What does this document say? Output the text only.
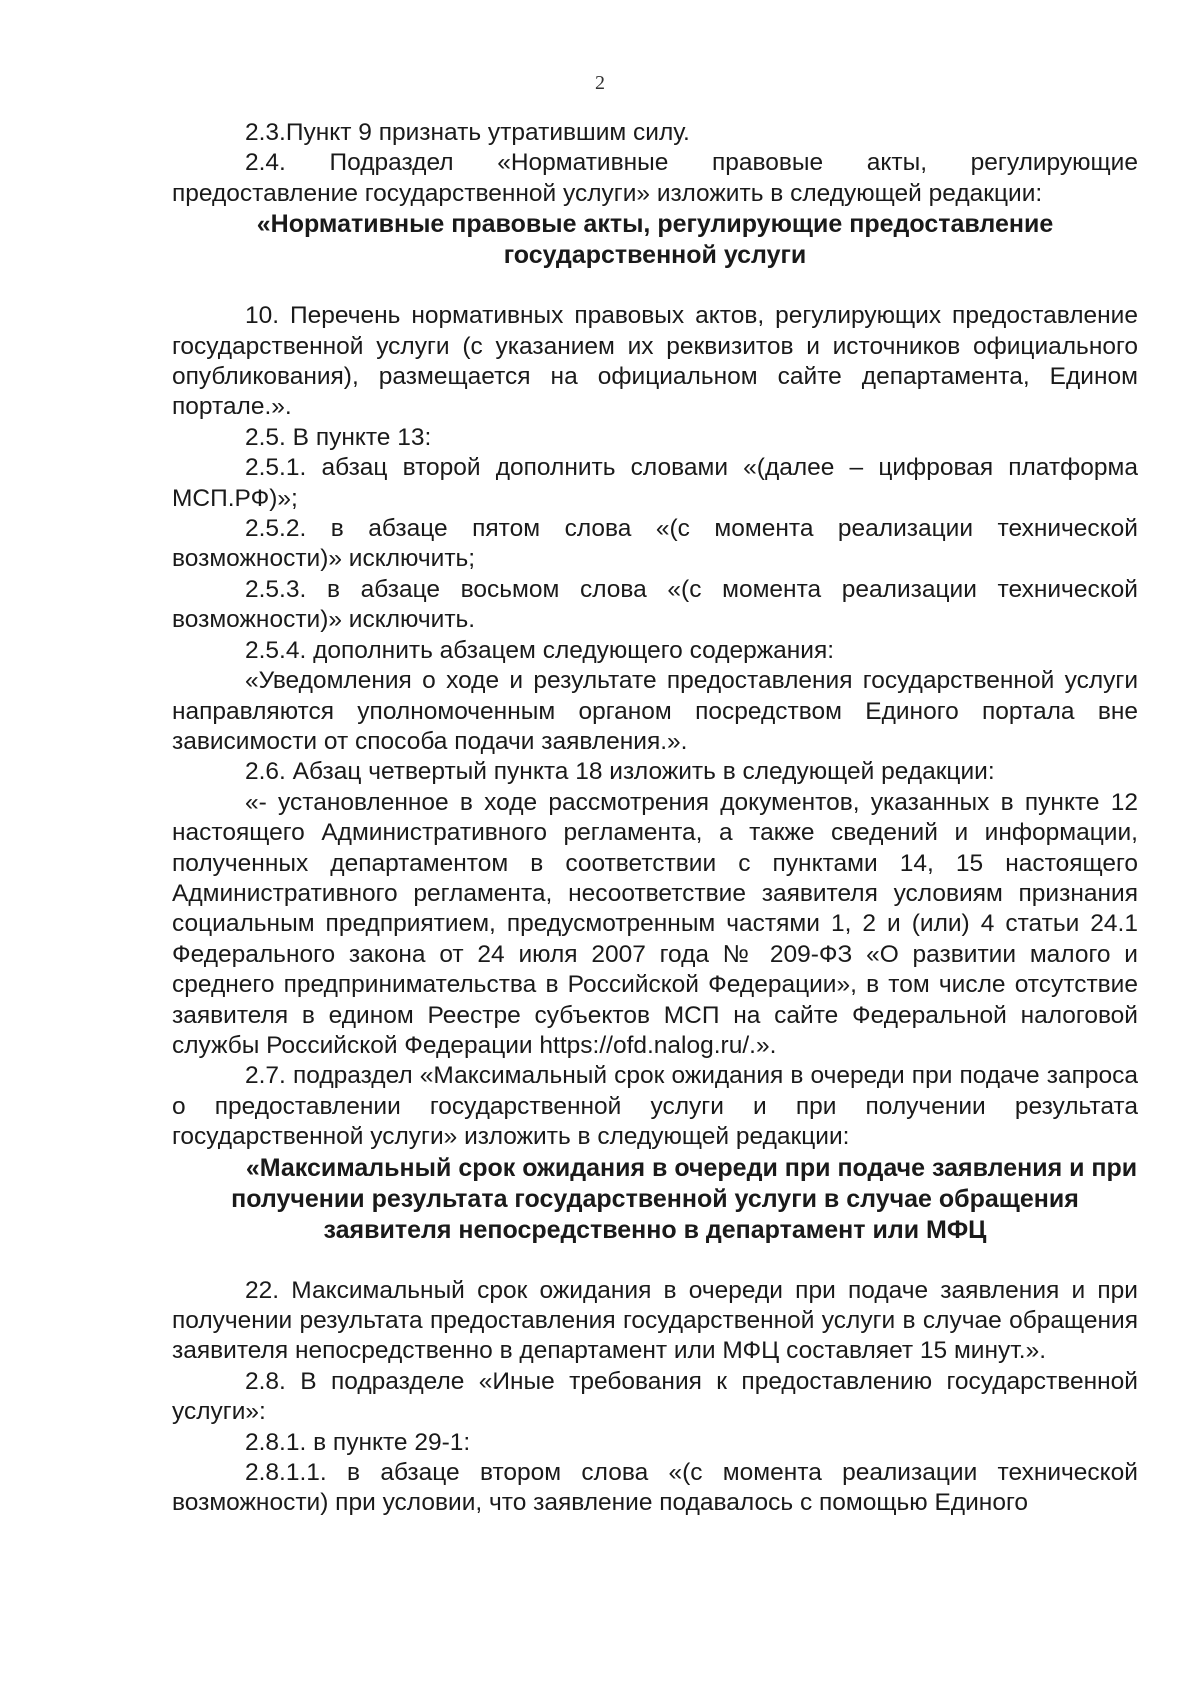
2

2.3.Пункт 9 признать утратившим силу.

2.4. Подраздел «Нормативные правовые акты, регулирующие предоставление государственной услуги» изложить в следующей редакции:

«Нормативные правовые акты, регулирующие предоставление государственной услуги

10. Перечень нормативных правовых актов, регулирующих предоставление государственной услуги (с указанием их реквизитов и источников официального опубликования), размещается на официальном сайте департамента, Едином портале.».

2.5. В пункте 13:

2.5.1. абзац второй дополнить словами «(далее – цифровая платформа МСП.РФ)»;

2.5.2. в абзаце пятом слова «(с момента реализации технической возможности)» исключить;

2.5.3. в абзаце восьмом слова «(с момента реализации технической возможности)» исключить.

2.5.4. дополнить абзацем следующего содержания:

«Уведомления о ходе и результате предоставления государственной услуги направляются уполномоченным органом посредством Единого портала вне зависимости от способа подачи заявления.».

2.6. Абзац четвертый пункта 18 изложить в следующей редакции:

«- установленное в ходе рассмотрения документов, указанных в пункте 12 настоящего Административного регламента, а также сведений и информации, полученных департаментом в соответствии с пунктами 14, 15 настоящего Административного регламента, несоответствие заявителя условиям признания социальным предприятием, предусмотренным частями 1, 2 и (или) 4 статьи 24.1 Федерального закона от 24 июля 2007 года № 209-ФЗ «О развитии малого и среднего предпринимательства в Российской Федерации», в том числе отсутствие заявителя в едином Реестре субъектов МСП на сайте Федеральной налоговой службы Российской Федерации https://ofd.nalog.ru/.».

2.7. подраздел «Максимальный срок ожидания в очереди при подаче запроса о предоставлении государственной услуги и при получении результата государственной услуги» изложить в следующей редакции:

«Максимальный срок ожидания в очереди при подаче заявления и при получении результата государственной услуги в случае обращения заявителя непосредственно в департамент или МФЦ

22. Максимальный срок ожидания в очереди при подаче заявления и при получении результата предоставления государственной услуги в случае обращения заявителя непосредственно в департамент или МФЦ составляет 15 минут.».

2.8. В подразделе «Иные требования к предоставлению государственной услуги»:

2.8.1. в пункте 29-1:

2.8.1.1. в абзаце втором слова «(с момента реализации технической возможности) при условии, что заявление подавалось с помощью Единого
